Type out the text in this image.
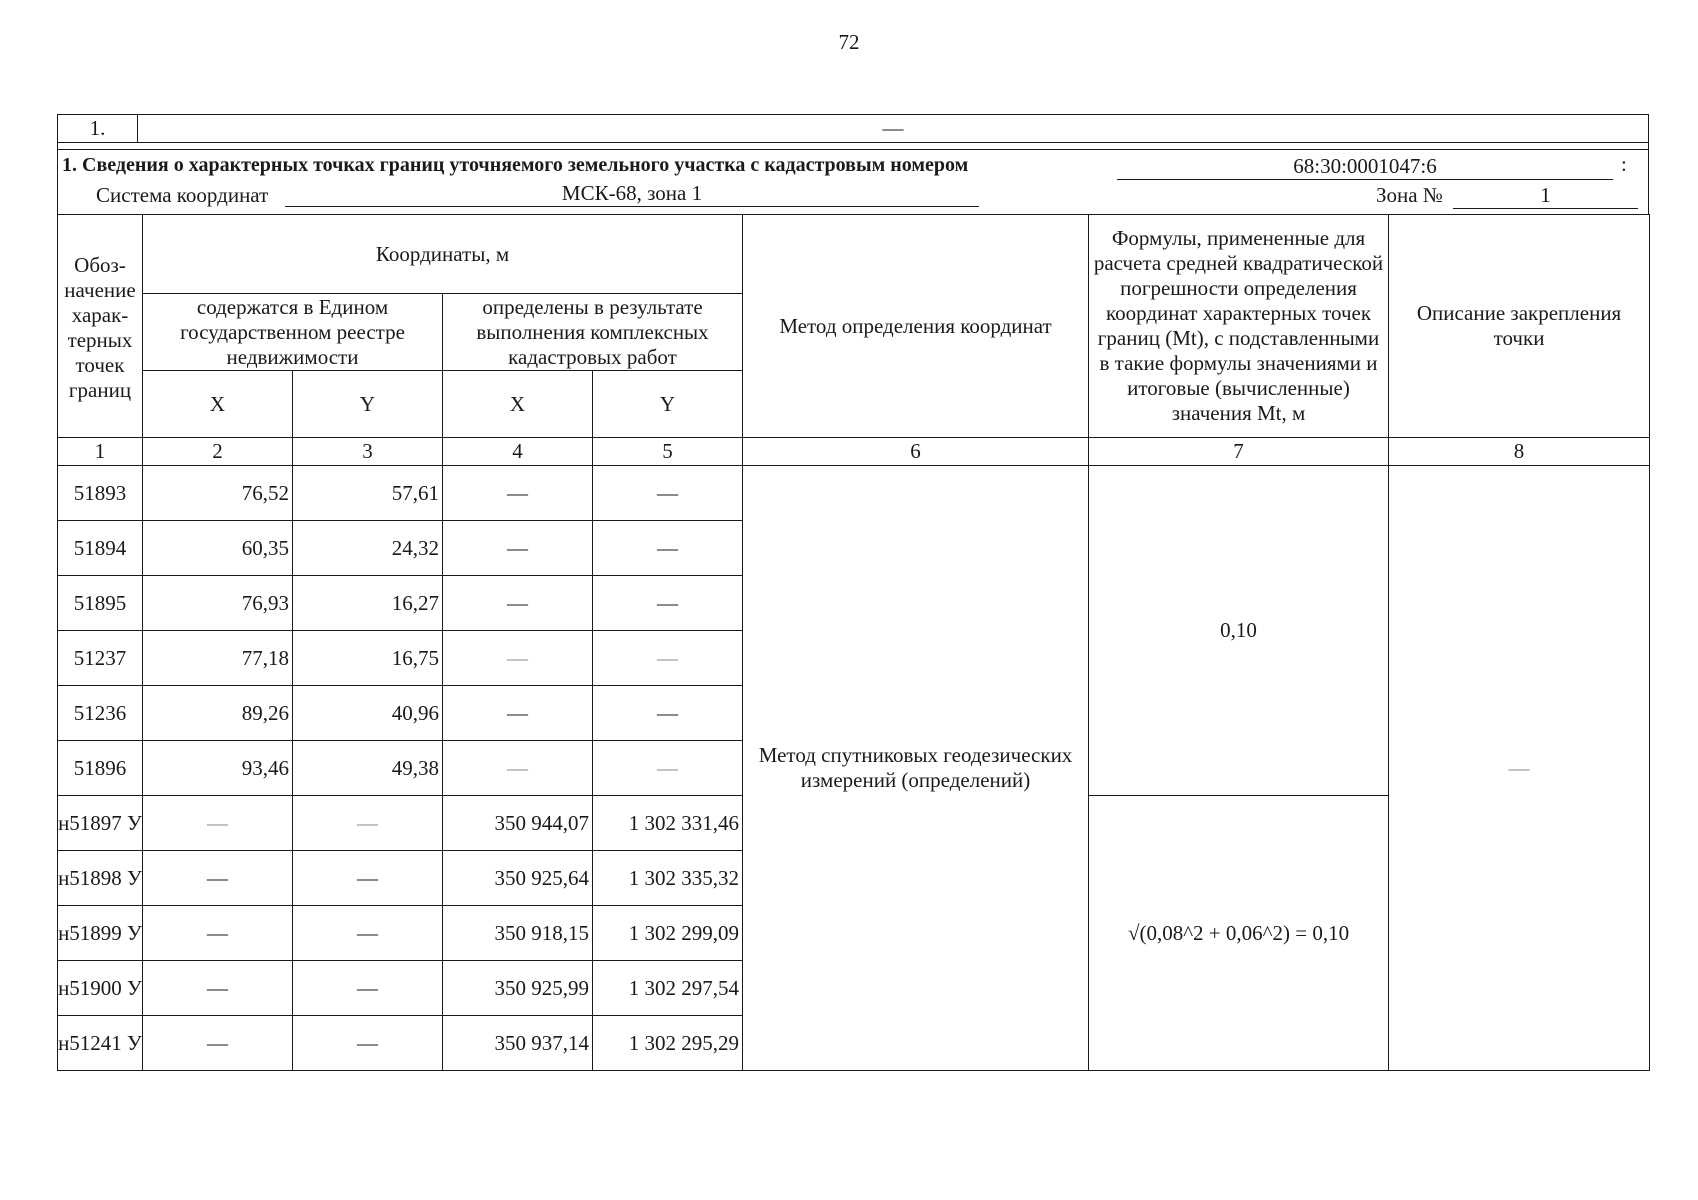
72
1.	—
1. Сведения о характерных точках границ уточняемого земельного участка с кадастровым номером	68:30:0001047:6	:
Система координат	МСК-68, зона 1	Зона №	1
Обоз-начение харак-терных точек границ	Координаты, м				Метод определения координат	Формулы, примененные для расчета средней квадратической погрешности определения координат характерных точек границ (Mt), с подставленными в такие формулы значениями и итоговые (вычисленные) значения Mt, м	Описание закрепления точки
	содержатся в Едином государственном реестре недвижимости		определены в результате выполнения комплексных кадастровых работ				
	X	Y	X	Y			
1	2	3	4	5	6	7	8
51893	76,52	57,61	—	—	Метод спутниковых геодезических измерений (определений)	0,10	—
51894	60,35	24,32	—	—			
51895	76,93	16,27	—	—			
51237	77,18	16,75	—	—			
51236	89,26	40,96	—	—			
51896	93,46	49,38	—	—			
н51897 У	—	—	350 944,07	1 302 331,46		√(0,08^2 + 0,06^2) = 0,10	
н51898 У	—	—	350 925,64	1 302 335,32			
н51899 У	—	—	350 918,15	1 302 299,09			
н51900 У	—	—	350 925,99	1 302 297,54			
н51241 У	—	—	350 937,14	1 302 295,29			
